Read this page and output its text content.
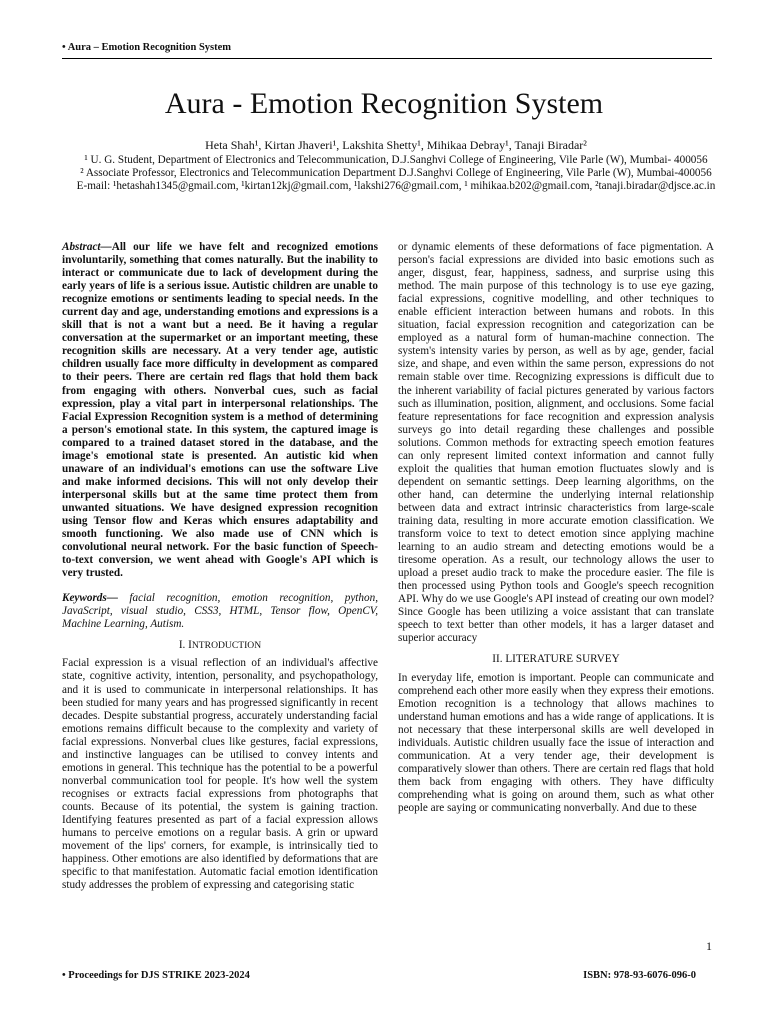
• Aura – Emotion Recognition System
Aura - Emotion Recognition System
Heta Shah¹, Kirtan Jhaveri¹, Lakshita Shetty¹, Mihikaa Debray¹, Tanaji Biradar²
¹ U. G. Student, Department of Electronics and Telecommunication, D.J.Sanghvi College of Engineering, Vile Parle (W), Mumbai- 400056
² Associate Professor, Electronics and Telecommunication Department D.J.Sanghvi College of Engineering, Vile Parle (W), Mumbai-400056
E-mail: ¹hetashah1345@gmail.com, ¹kirtan12kj@gmail.com, ¹lakshi276@gmail.com, ¹ mihikaa.b202@gmail.com, ²tanaji.biradar@djsce.ac.in

Abstract—All our life we have felt and recognized emotions involuntarily, something that comes naturally. But the inability to interact or communicate due to lack of development during the early years of life is a serious issue. Autistic children are unable to recognize emotions or sentiments leading to special needs. In the current day and age, understanding emotions and expressions is a skill that is not a want but a need. Be it having a regular conversation at the supermarket or an important meeting, these recognition skills are necessary. At a very tender age, autistic children usually face more difficulty in development as compared to their peers. There are certain red flags that hold them back from engaging with others. Nonverbal cues, such as facial expression, play a vital part in interpersonal relationships. The Facial Expression Recognition system is a method of determining a person's emotional state. In this system, the captured image is compared to a trained dataset stored in the database, and the image's emotional state is presented. An autistic kid when unaware of an individual's emotions can use the software Live and make informed decisions. This will not only develop their interpersonal skills but at the same time protect them from unwanted situations. We have designed expression recognition using Tensor flow and Keras which ensures adaptability and smooth functioning. We also made use of CNN which is convolutional neural network. For the basic function of Speech-to-text conversion, we went ahead with Google's API which is very trusted.

Keywords— facial recognition, emotion recognition, python, JavaScript, visual studio, CSS3, HTML, Tensor flow, OpenCV, Machine Learning, Autism.

I. INTRODUCTION

Facial expression is a visual reflection of an individual's affective state, cognitive activity, intention, personality, and psychopathology, and it is used to communicate in interpersonal relationships. It has been studied for many years and has progressed significantly in recent decades. Despite substantial progress, accurately understanding facial emotions remains difficult because to the complexity and variety of facial expressions. Nonverbal clues like gestures, facial expressions, and instinctive languages can be utilised to convey intents and emotions in general. This technique has the potential to be a powerful nonverbal communication tool for people. It's how well the system recognises or extracts facial expressions from photographs that counts. Because of its potential, the system is gaining traction. Identifying features presented as part of a facial expression allows humans to perceive emotions on a regular basis. A grin or upward movement of the lips' corners, for example, is intrinsically tied to happiness. Other emotions are also identified by deformations that are specific to that manifestation. Automatic facial emotion identification study addresses the problem of expressing and categorising static

or dynamic elements of these deformations of face pigmentation. A person's facial expressions are divided into basic emotions such as anger, disgust, fear, happiness, sadness, and surprise using this method. The main purpose of this technology is to use eye gazing, facial expressions, cognitive modelling, and other techniques to enable efficient interaction between humans and robots. In this situation, facial expression recognition and categorization can be employed as a natural form of human-machine connection. The system's intensity varies by person, as well as by age, gender, facial size, and shape, and even within the same person, expressions do not remain stable over time. Recognizing expressions is difficult due to the inherent variability of facial pictures generated by various factors such as illumination, position, alignment, and occlusions. Some facial feature representations for face recognition and expression analysis surveys go into detail regarding these challenges and possible solutions. Common methods for extracting speech emotion features can only represent limited context information and cannot fully exploit the qualities that human emotion fluctuates slowly and is dependent on semantic settings. Deep learning algorithms, on the other hand, can determine the underlying internal relationship between data and extract intrinsic characteristics from large-scale training data, resulting in more accurate emotion classification. We transform voice to text to detect emotion since applying machine learning to an audio stream and detecting emotions would be a tiresome operation. As a result, our technology allows the user to upload a preset audio track to make the procedure easier. The file is then processed using Python tools and Google's speech recognition API. Why do we use Google's API instead of creating our own model? Since Google has been utilizing a voice assistant that can translate speech to text better than other models, it has a larger dataset and superior accuracy

II. LITERATURE SURVEY

In everyday life, emotion is important. People can communicate and comprehend each other more easily when they express their emotions. Emotion recognition is a technology that allows machines to understand human emotions and has a wide range of applications. It is not necessary that these interpersonal skills are well developed in individuals. Autistic children usually face the issue of interaction and communication. At a very tender age, their development is comparatively slower than others. There are certain red flags that hold them back from engaging with others. They have difficulty comprehending what is going on around them, such as what other people are saying or communicating nonverbally. And due to these

1
• Proceedings for DJS STRIKE 2023-2024	ISBN: 978-93-6076-096-0
